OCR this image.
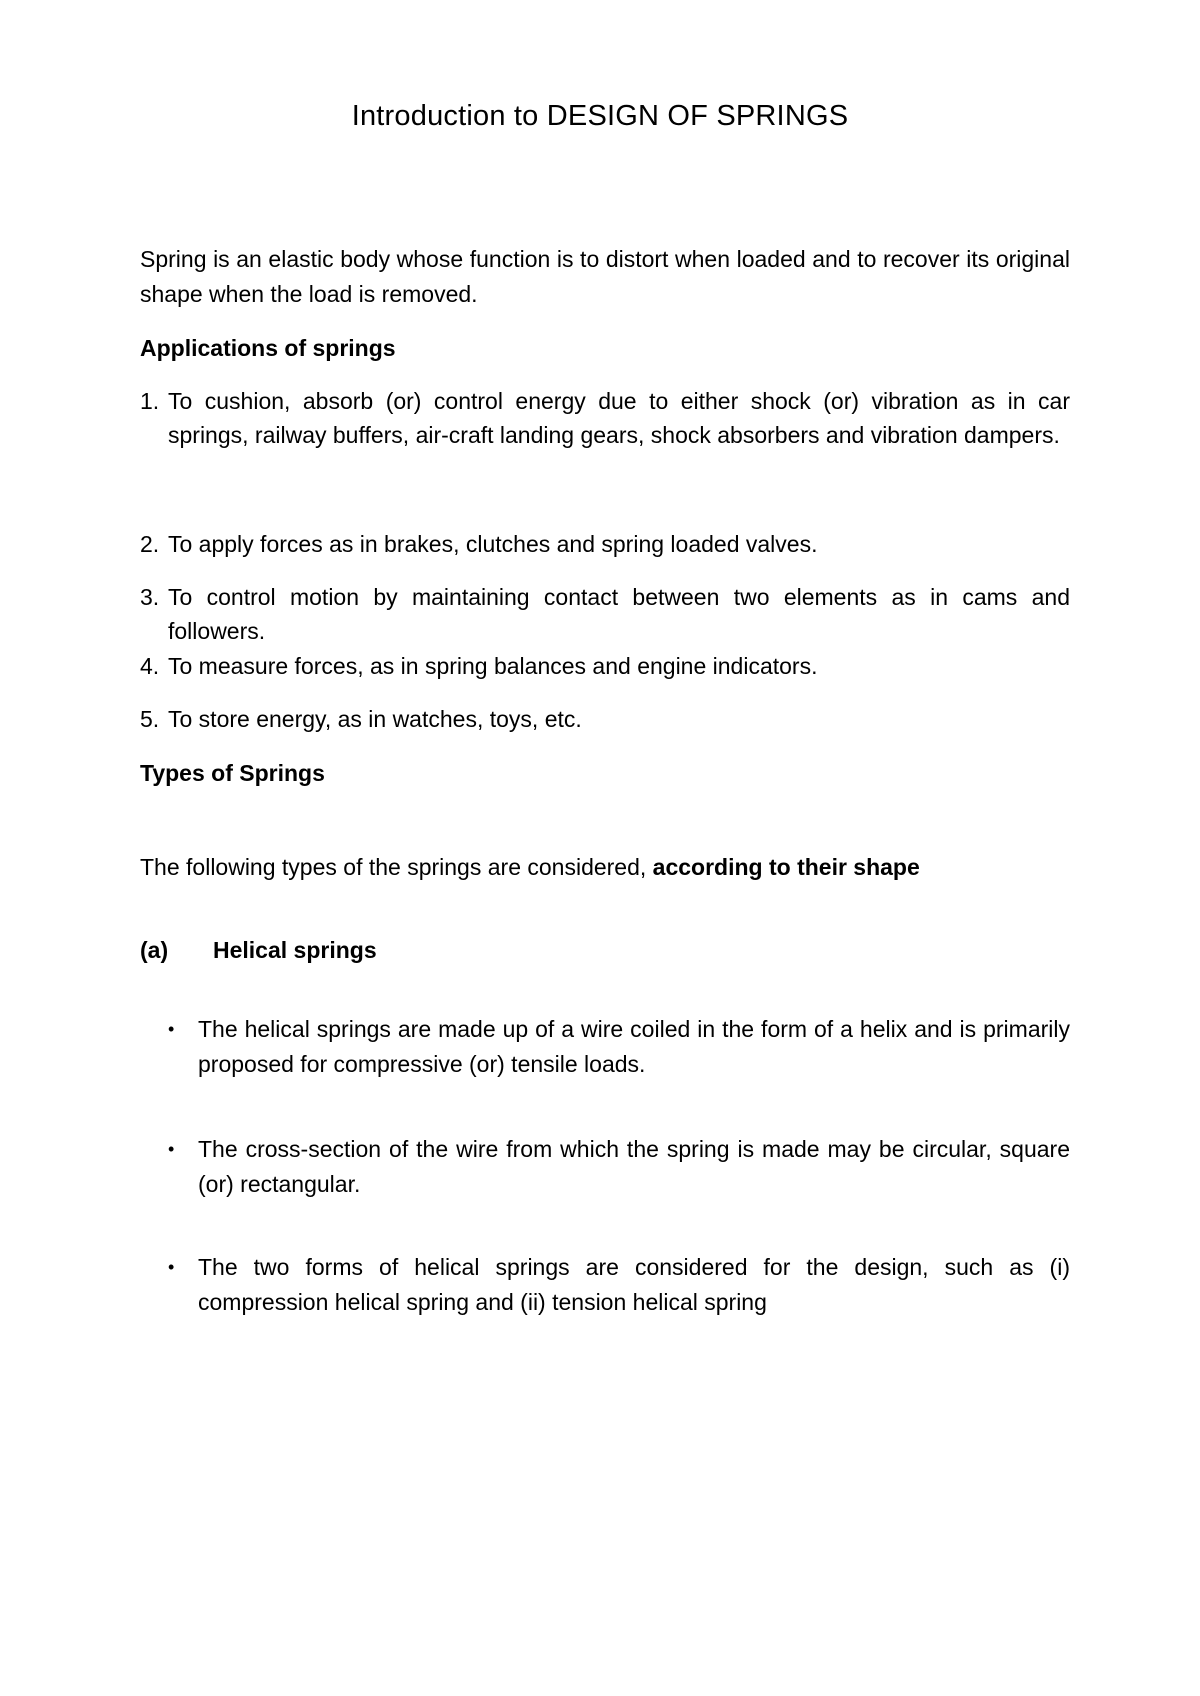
Introduction to DESIGN OF SPRINGS

Spring is an elastic body whose function is to distort when loaded and to recover its original shape when the load is removed.

Applications of springs

1. To cushion, absorb (or) control energy due to either shock (or) vibration as in car springs, railway buffers, air-craft landing gears, shock absorbers and vibration dampers.
2. To apply forces as in brakes, clutches and spring loaded valves.
3. To control motion by maintaining contact between two elements as in cams and followers.
4. To measure forces, as in spring balances and engine indicators.
5. To store energy, as in watches, toys, etc.

Types of Springs

The following types of the springs are considered, according to their shape

(a)	Helical springs
•	The helical springs are made up of a wire coiled in the form of a helix and is primarily proposed for compressive (or) tensile loads.
•	The cross-section of the wire from which the spring is made may be circular, square (or) rectangular.
•	The two forms of helical springs are considered for the design, such as (i) compression helical spring and (ii) tension helical spring
